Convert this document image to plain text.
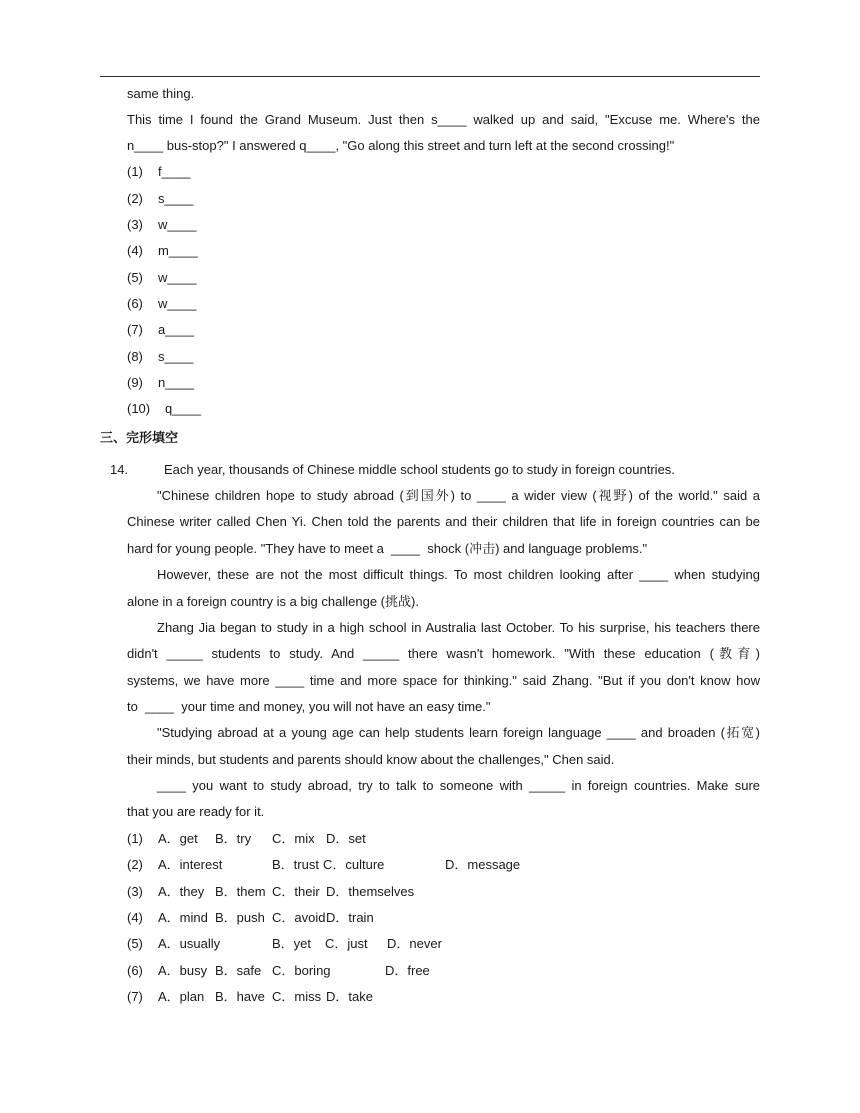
same thing.
This time I found the Grand Museum. Just then s____ walked up and said, "Excuse me. Where's the
n____ bus-stop?" I answered q____, "Go along this street and turn left at the second crossing!"
(1) f____
(2) s____
(3) w____
(4) m____
(5) w____
(6) w____
(7) a____
(8) s____
(9) n____
(10) q____
三、完形填空
14.	Each year, thousands of Chinese middle school students go to study in foreign countries.
"Chinese children hope to study abroad (到国外) to ____ a wider view (视野) of the world." said a
Chinese writer called Chen Yi. Chen told the parents and their children that life in foreign countries can be
hard for young people. "They have to meet a  ____  shock (冲击) and language problems."
However, these are not the most difficult things. To most children looking after ____ when studying
alone in a foreign country is a big challenge (挑战).
Zhang Jia began to study in a high school in Australia last October. To his surprise, his teachers there
didn't _____ students to study. And _____ there wasn't homework. "With these education (教育)
systems, we have more ____ time and more space for thinking." said Zhang. "But if you don't know how
to  ____  your time and money, you will not have an easy time."
"Studying abroad at a young age can help students learn foreign language ____ and broaden (拓宽)
their minds, but students and parents should know about the challenges," Chen said.
____ you want to study abroad, try to talk to someone with _____ in foreign countries. Make sure
that you are ready for it.
(1) A．get B．try C．mix D．set
(2) A．interest	B．trust C．culture	D．message
(3) A．they B．them C．their D．themselves
(4) A．mind B．push C．avoid D．train
(5) A．usually	B．yet C．just D．never
(6) A．busy B．safe C．boring	D．free
(7) A．plan B．have C．miss D．take
